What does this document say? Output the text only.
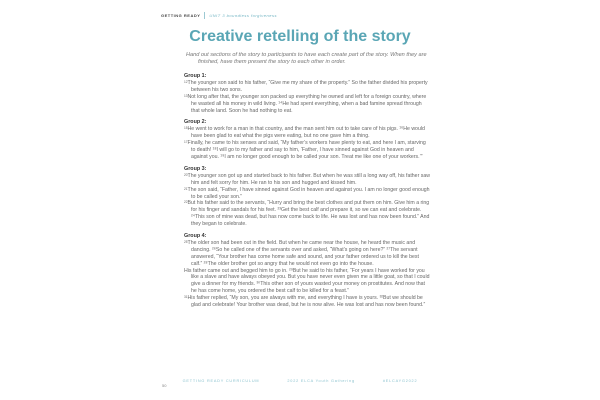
GETTING READY UNIT 3 boundless forgiveness
Creative retelling of the story
Hand out sections of the story to participants to have each create part of the story. When they are
finished, have them present the story to each other in order.
Group 1:
$^{12}$The younger son said to his father, “Give me my share of the property.” So the father divided his property between his two sons.
$^{13}$Not long after that, the younger son packed up everything he owned and left for a foreign country, where he wasted all his money in wild living. ¹⁴He had spent everything, when a bad famine spread through that whole land. Soon he had nothing to eat.
Group 2:
$^{15}$He went to work for a man in that country, and the man sent him out to take care of his pigs. ¹⁶He would have been glad to eat what the pigs were eating, but no one gave him a thing.
$^{17}$Finally, he came to his senses and said, “My father’s workers have plenty to eat, and here I am, starving to death! ¹⁸I will go to my father and say to him, ‘Father, I have sinned against God in heaven and against you. ¹⁹I am no longer good enough to be called your son. Treat me like one of your workers.’”
Group 3:
$^{20}$The younger son got up and started back to his father. But when he was still a long way off, his father saw him and felt sorry for him. He ran to his son and hugged and kissed him.
$^{21}$The son said, “Father, I have sinned against God in heaven and against you. I am no longer good enough to be called your son.”
$^{22}$But his father said to the servants, “Hurry and bring the best clothes and put them on him. Give him a ring for his finger and sandals for his feet. ²³Get the best calf and prepare it, so we can eat and celebrate. ²⁴This son of mine was dead, but has now come back to life. He was lost and has now been found.” And they began to celebrate.
Group 4:
$^{25}$The older son had been out in the field. But when he came near the house, he heard the music and dancing. ²⁶So he called one of the servants over and asked, “What’s going on here?” ²⁷The servant answered, “Your brother has come home safe and sound, and your father ordered us to kill the best calf.” ²⁸The older brother got so angry that he would not even go into the house.
His father came out and begged him to go in. ²⁹But he said to his father, “For years I have worked for you like a slave and have always obeyed you. But you have never even given me a little goat, so that I could give a dinner for my friends. ³⁰This other son of yours wasted your money on prostitutes. And now that he has come home, you ordered the best calf to be killed for a feast.”
$^{31}$His father replied, “My son, you are always with me, and everything I have is yours. ³²But we should be glad and celebrate! Your brother was dead, but he is now alive. He was lost and has now been found.”
GETTING READY CURRICULUM	2022 ELCA Youth Gathering	#ELCAYG2022
50
